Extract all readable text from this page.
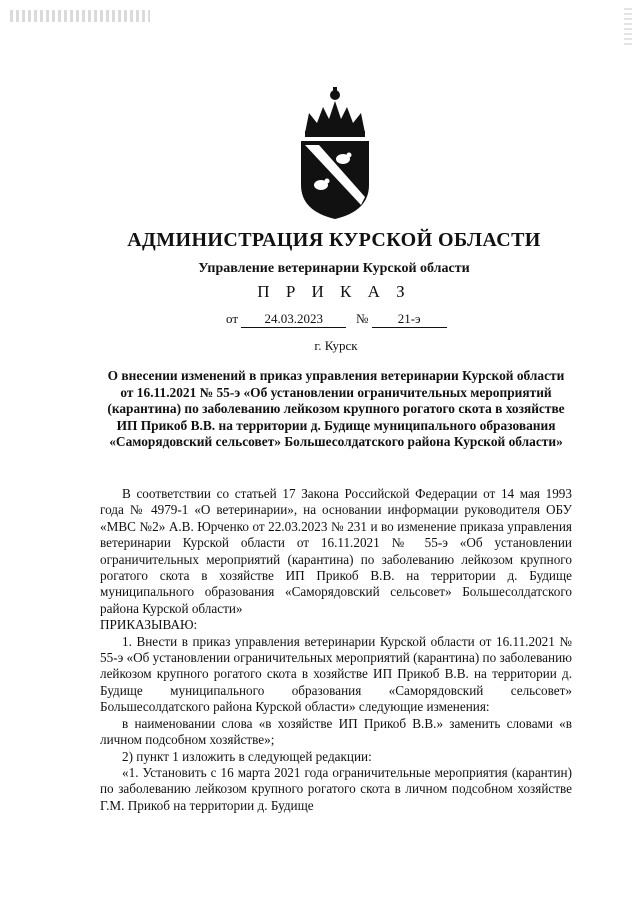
АДМИНИСТРАЦИЯ КУРСКОЙ ОБЛАСТИ
Управление ветеринарии Курской области
П Р И К А З
от 24.03.2023	№ 21-э
г. Курск
О внесении изменений в приказ управления ветеринарии Курской области от 16.11.2021 № 55-э «Об установлении ограничительных мероприятий (карантина) по заболеванию лейкозом крупного рогатого скота в хозяйстве ИП Прикоб В.В. на территории д. Будище муниципального образования «Саморядовский сельсовет» Большесолдатского района Курской области»

В соответствии со статьей 17 Закона Российской Федерации от 14 мая 1993 года № 4979-1 «О ветеринарии», на основании информации руководителя ОБУ «МВС №2» А.В. Юрченко от 22.03.2023 № 231 и во изменение приказа управления ветеринарии Курской области от 16.11.2021 № 55-э «Об установлении ограничительных мероприятий (карантина) по заболеванию лейкозом крупного рогатого скота в хозяйстве ИП Прикоб В.В. на территории д. Будище муниципального образования «Саморядовский сельсовет» Большесолдатского района Курской области»

ПРИКАЗЫВАЮ:

1. Внести в приказ управления ветеринарии Курской области от 16.11.2021 № 55-э «Об установлении ограничительных мероприятий (карантина) по заболеванию лейкозом крупного рогатого скота в хозяйстве ИП Прикоб В.В. на территории д. Будище муниципального образования «Саморядовский сельсовет» Большесолдатского района Курской области» следующие изменения:

в наименовании слова «в хозяйстве ИП Прикоб В.В.» заменить словами «в личном подсобном хозяйстве»;

2) пункт 1 изложить в следующей редакции:

«1. Установить с 16 марта 2021 года ограничительные мероприятия (карантин) по заболеванию лейкозом крупного рогатого скота в личном подсобном хозяйстве Г.М. Прикоб на территории д. Будище
